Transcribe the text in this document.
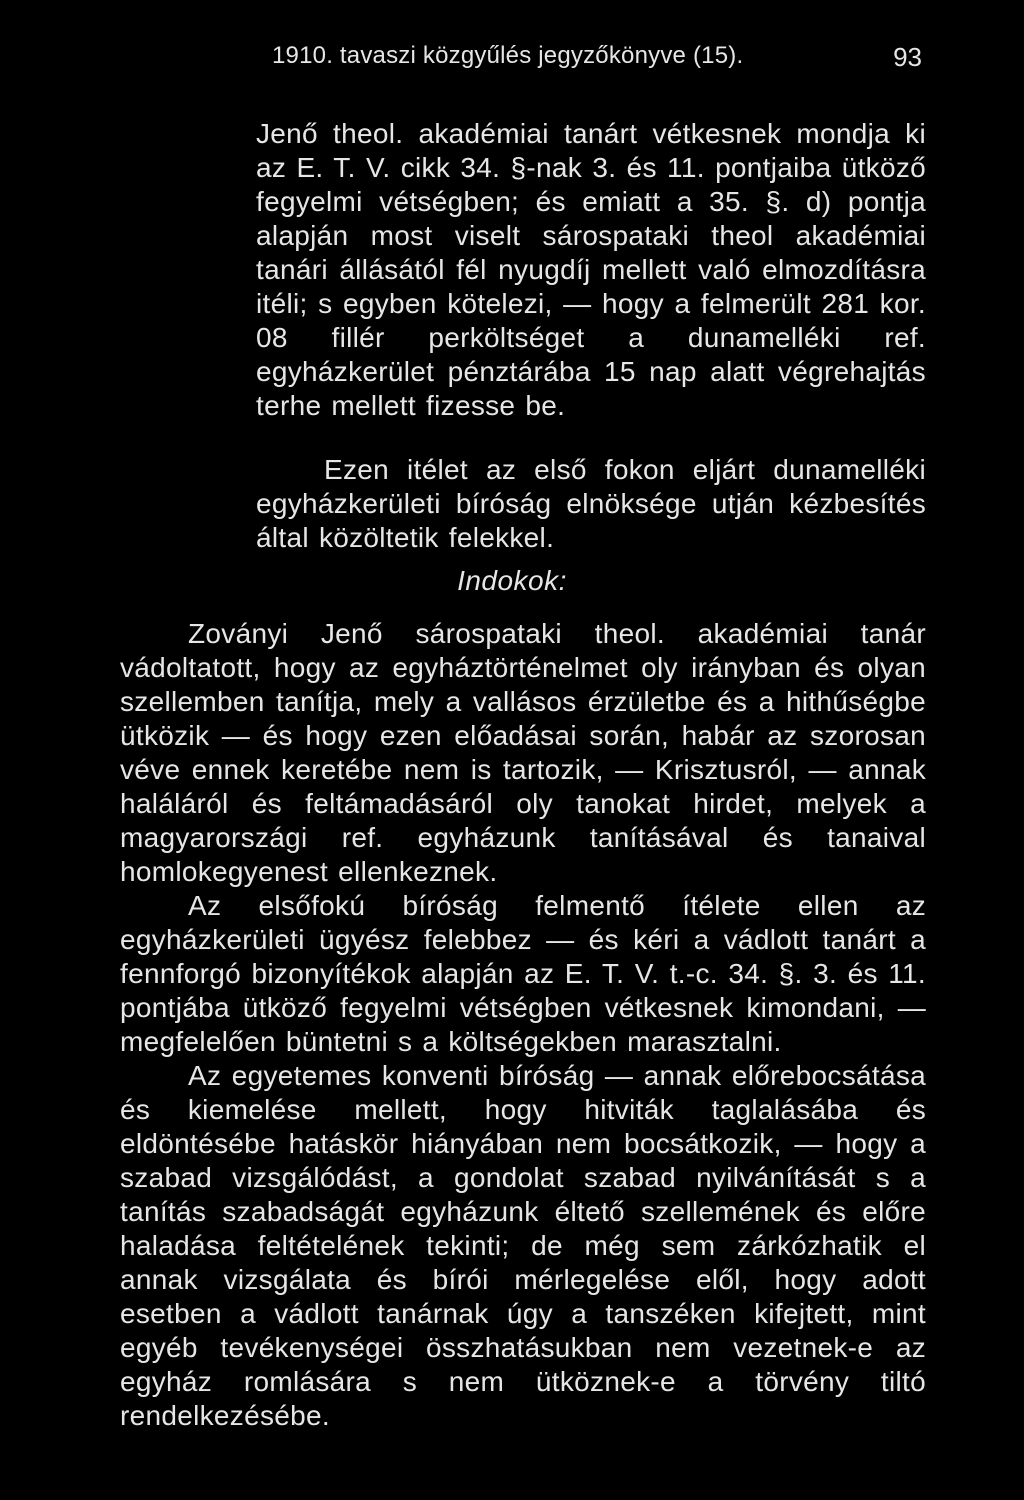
1910. tavaszi közgyűlés jegyzőkönyve (15).	93

Jenő theol. akadémiai tanárt vétkesnek mondja ki az E. T. V. cikk 34. §-nak 3. és 11. pontjaiba ütköző fegyelmi vétségben; és emiatt a 35. §. d) pontja alapján most viselt sárospataki theol akadémiai tanári állásától fél nyugdíj mellett való elmozdításra itéli; s egyben kötelezi, — hogy a felmerült 281 kor. 08 fillér perköltséget a dunamelléki ref. egyházkerület pénztárába 15 nap alatt végrehajtás terhe mellett fizesse be.

Ezen itélet az első fokon eljárt dunamelléki egyházkerületi bíróság elnöksége utján kézbesítés által közöltetik felekkel.

Indokok:

Zoványi Jenő sárospataki theol. akadémiai tanár vádoltatott, hogy az egyháztörténelmet oly irányban és olyan szellemben tanítja, mely a vallásos érzületbe és a hithűségbe ütközik — és hogy ezen előadásai során, habár az szorosan véve ennek keretébe nem is tartozik, — Krisztusról, — annak haláláról és feltámadásáról oly tanokat hirdet, melyek a magyarországi ref. egyházunk tanításával és tanaival homlokegyenest ellenkeznek.

Az elsőfokú bíróság felmentő ítélete ellen az egyházkerületi ügyész felebbez — és kéri a vádlott tanárt a fennforgó bizonyítékok alapján az E. T. V. t.-c. 34. §. 3. és 11. pontjába ütköző fegyelmi vétségben vétkesnek kimondani, — megfelelően büntetni s a költségekben marasztalni.

Az egyetemes konventi bíróság — annak előrebocsátása és kiemelése mellett, hogy hitviták taglalásába és eldöntésébe hatáskör hiányában nem bocsátkozik, — hogy a szabad vizsgálódást, a gondolat szabad nyilvánítását s a tanítás szabadságát egyházunk éltető szellemének és előre haladása feltételének tekinti; de még sem zárkózhatik el annak vizsgálata és bírói mérlegelése elől, hogy adott esetben a vádlott tanárnak úgy a tanszéken kifejtett, mint egyéb tevékenységei összhatásukban nem vezetnek-e az egyház romlására s nem ütköznek-e a törvény tiltó rendelkezésébe.
